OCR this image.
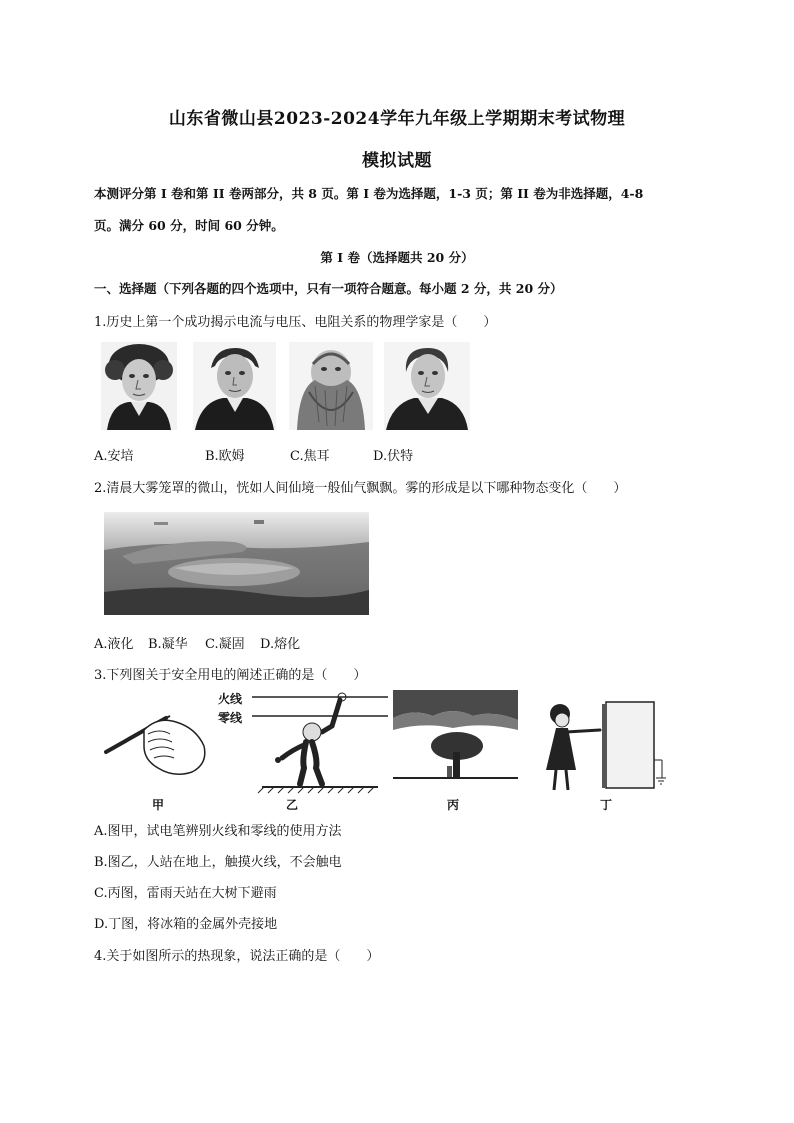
山东省微山县2023-2024学年九年级上学期期末考试物理
模拟试题
本测评分第 I 卷和第 II 卷两部分，共 8 页。第 I 卷为选择题，1-3 页；第 II 卷为非选择题，4-8
页。满分 60 分，时间 60 分钟。
第 I 卷（选择题共 20 分）
一、选择题（下列各题的四个选项中，只有一项符合题意。每小题 2 分，共 20 分）
1.历史上第一个成功揭示电流与电压、电阻关系的物理学家是（　　）
A.安培	B.欧姆	C.焦耳	D.伏特
2.清晨大雾笼罩的微山，恍如人间仙境一般仙气飘飘。雾的形成是以下哪种物态变化（　　）
A.液化 B.凝华 C.凝固 D.熔化
3.下列图关于安全用电的阐述正确的是（　　）
火线
零线
甲	乙	丙	丁
A.图甲，试电笔辨别火线和零线的使用方法
B.图乙，人站在地上，触摸火线，不会触电
C.丙图，雷雨天站在大树下避雨
D.丁图，将冰箱的金属外壳接地
4.关于如图所示的热现象，说法正确的是（　　）
